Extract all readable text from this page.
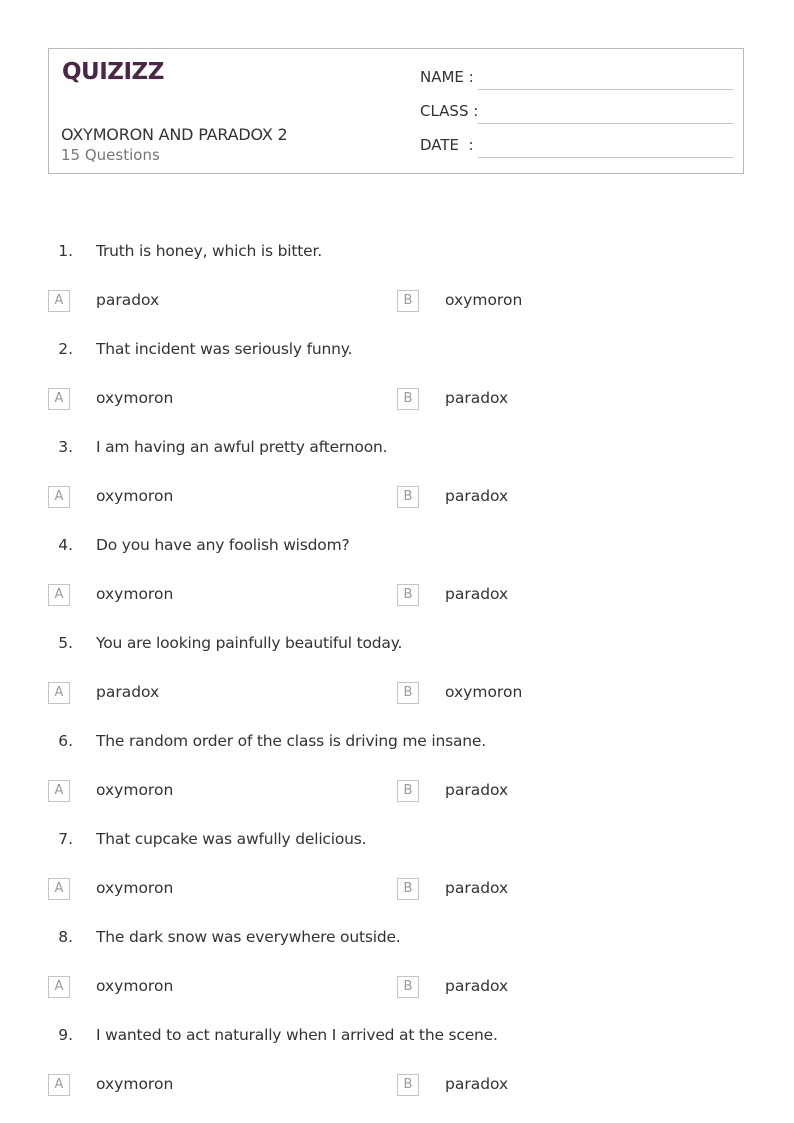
QUIZIZZ
OXYMORON AND PARADOX 2
15 Questions
NAME :
CLASS :
DATE  :
1. Truth is honey, which is bitter.
A	paradox	B	oxymoron
2. That incident was seriously funny.
A	oxymoron	B	paradox
3. I am having an awful pretty afternoon.
A	oxymoron	B	paradox
4. Do you have any foolish wisdom?
A	oxymoron	B	paradox
5. You are looking painfully beautiful today.
A	paradox	B	oxymoron
6. The random order of the class is driving me insane.
A	oxymoron	B	paradox
7. That cupcake was awfully delicious.
A	oxymoron	B	paradox
8. The dark snow was everywhere outside.
A	oxymoron	B	paradox
9. I wanted to act naturally when I arrived at the scene.
A	oxymoron	B	paradox
